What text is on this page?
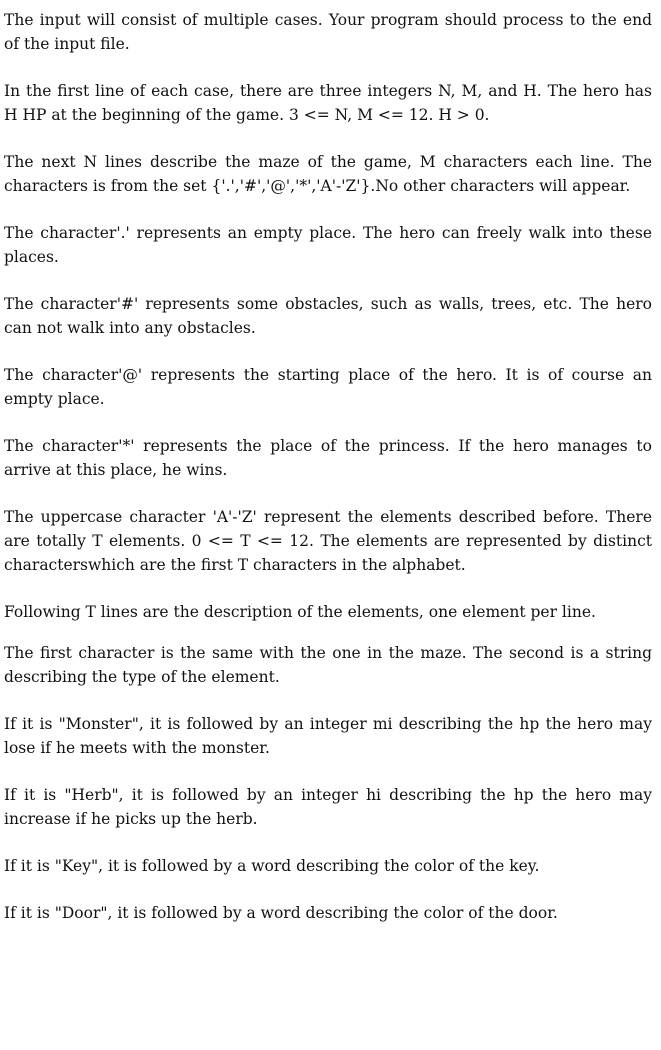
The input will consist of multiple cases. Your program should process to the end of the input file.

In the first line of each case, there are three integers N, M, and H. The hero has H HP at the beginning of the game. 3 <= N, M <= 12. H > 0.

The next N lines describe the maze of the game, M characters each line. The characters is from the set {'.','#','@','*','A'-'Z'}.No other characters will appear.

The character'.' represents an empty place. The hero can freely walk into these places.

The character'#' represents some obstacles, such as walls, trees, etc. The hero can not walk into any obstacles.

The character'@' represents the starting place of the hero. It is of course an empty place.

The character'*' represents the place of the princess. If the hero manages to arrive at this place, he wins.

The uppercase character 'A'-'Z' represent the elements described before. There are totally T elements. 0 <= T <= 12. The elements are represented by distinct characterswhich are the first T characters in the alphabet.

Following T lines are the description of the elements, one element per line.

The first character is the same with the one in the maze. The second is a string describing the type of the element.

If it is "Monster", it is followed by an integer mi describing the hp the hero may lose if he meets with the monster.

If it is "Herb", it is followed by an integer hi describing the hp the hero may increase if he picks up the herb.

If it is "Key", it is followed by a word describing the color of the key.

If it is "Door", it is followed by a word describing the color of the door.
